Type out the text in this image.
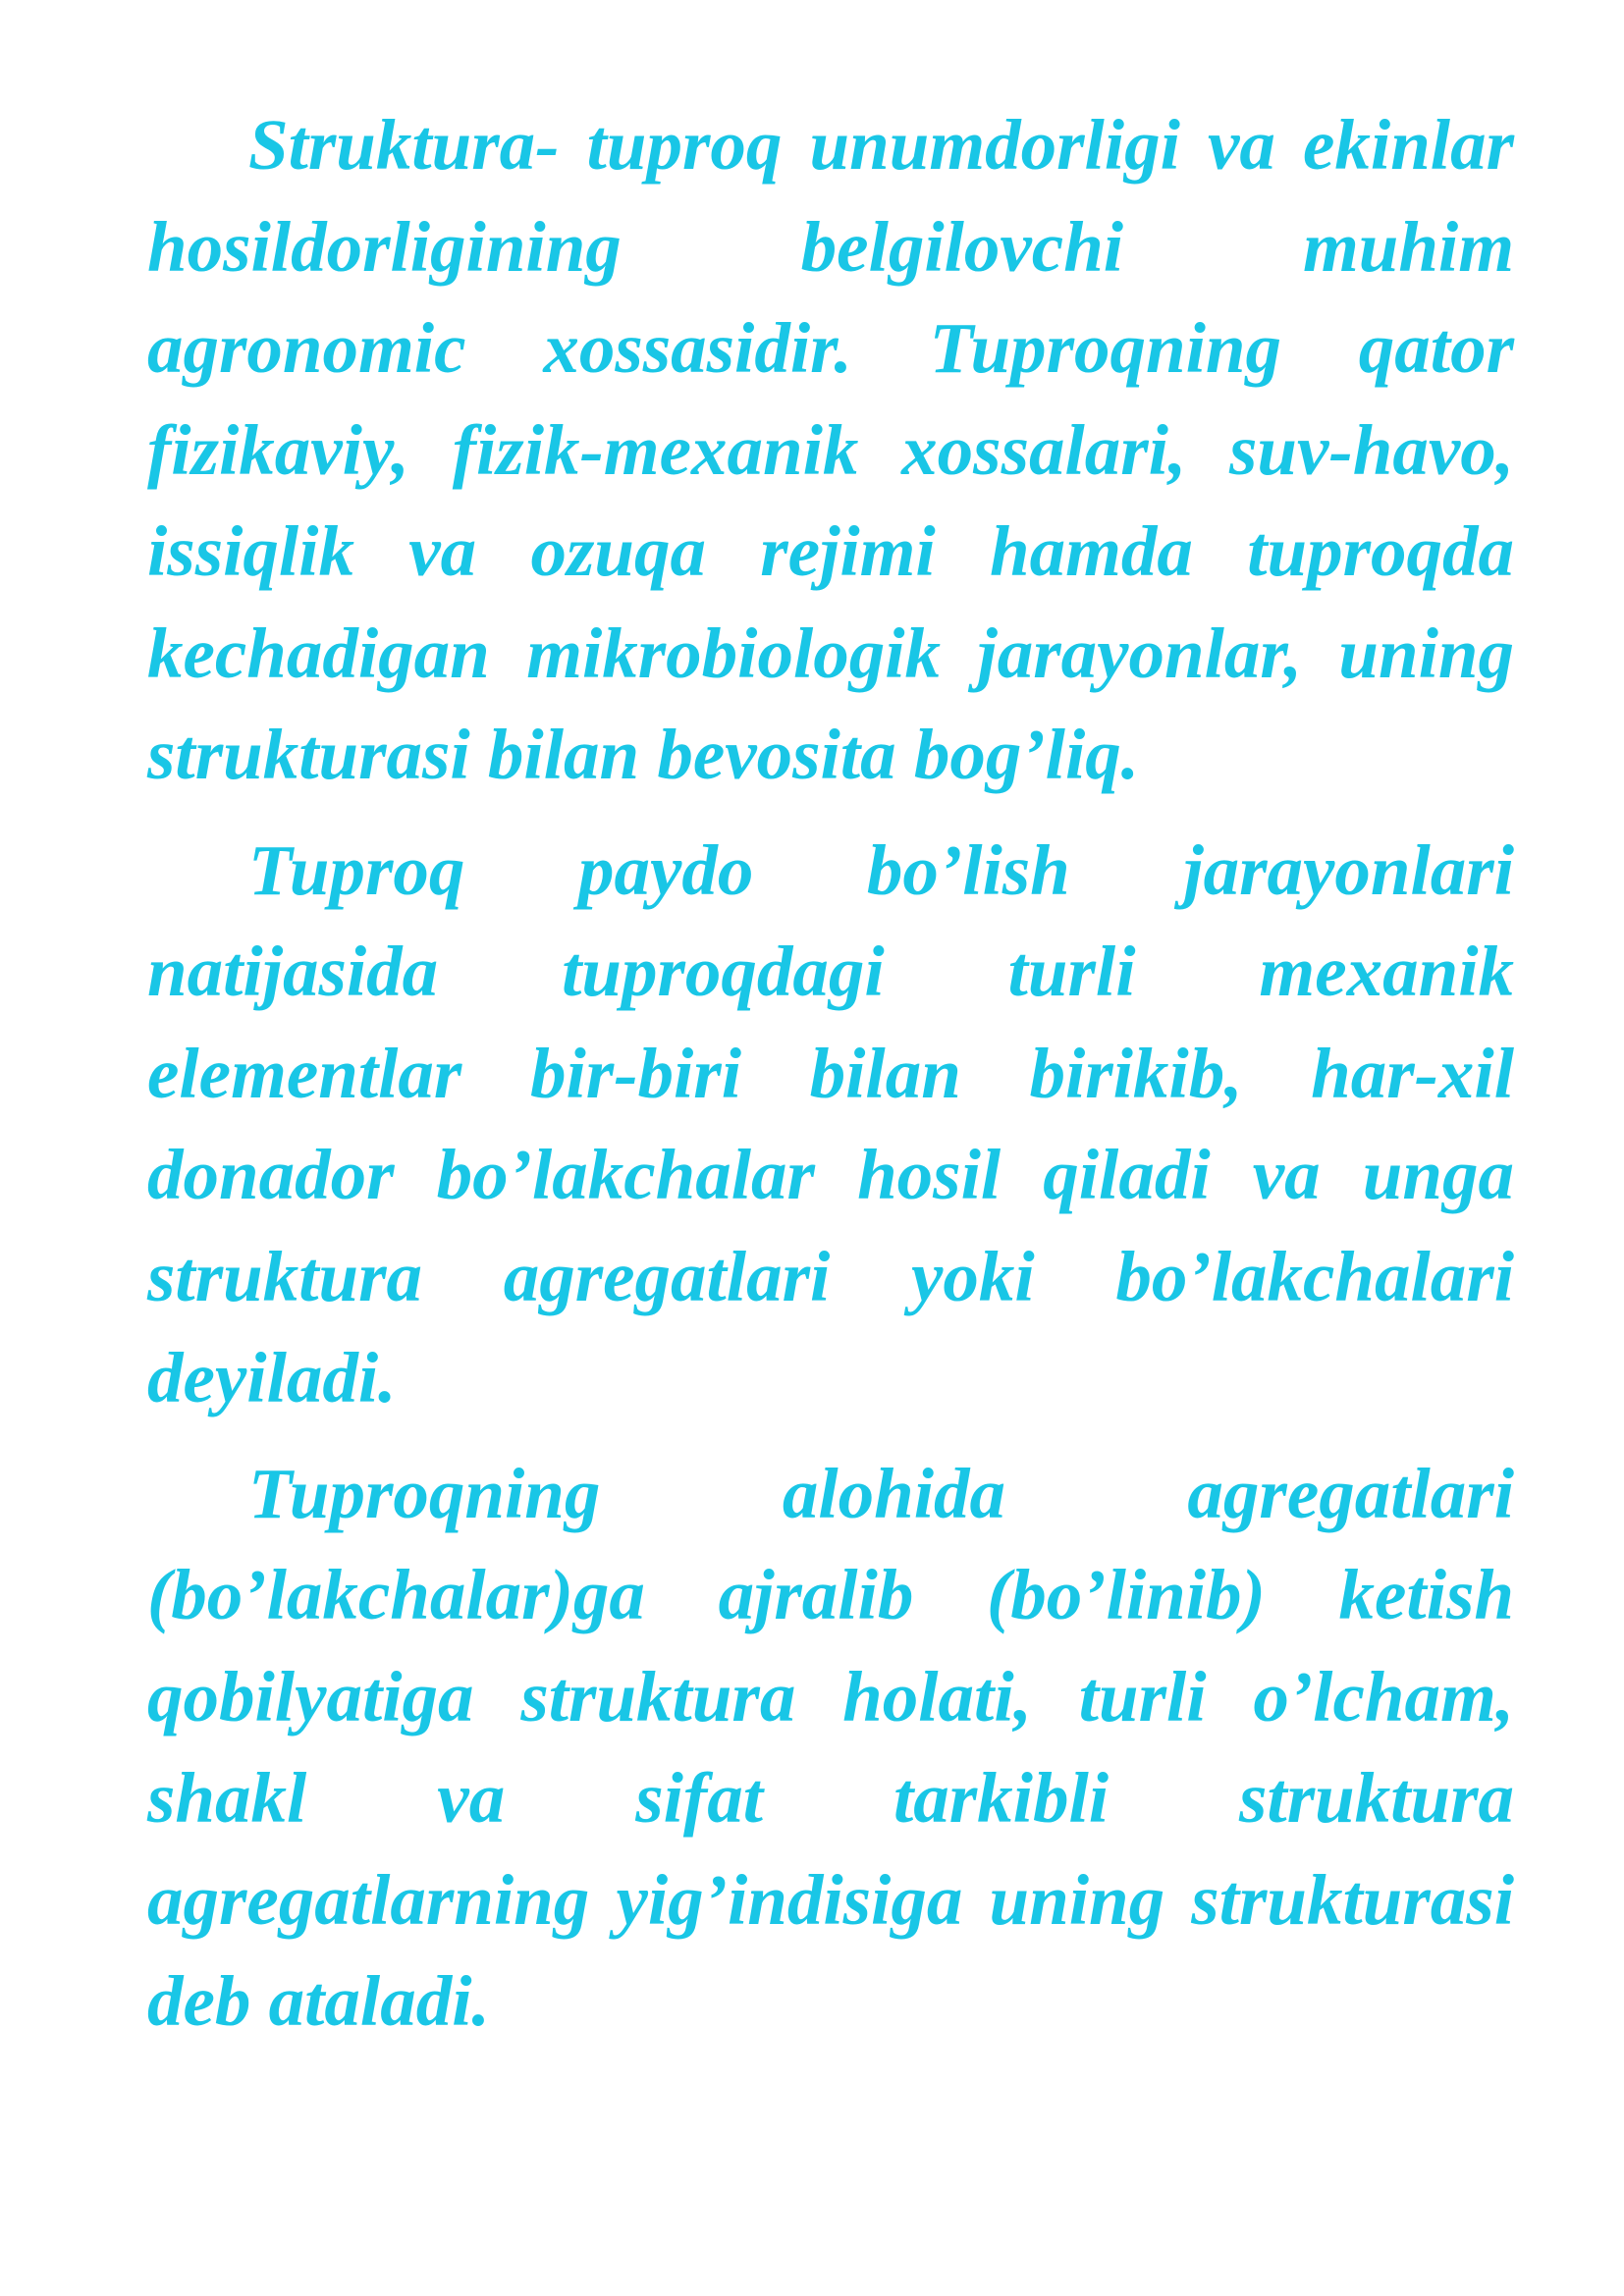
Struktura- tuproq unumdorligi va ekinlar hosildorligining belgilovchi muhim agronomic xossasidir. Tuproqning qator fizikaviy, fizik-mexanik xossalari, suv-havo, issiqlik va ozuqa rejimi hamda tuproqda kechadigan mikrobiologik jarayonlar, uning strukturasi bilan bevosita bog’liq.

Tuproq paydo bo’lish jarayonlari natijasida tuproqdagi turli mexanik elementlar bir-biri bilan birikib, har-xil donador bo’lakchalar hosil qiladi va unga struktura agregatlari yoki bo’lakchalari deyiladi.

Tuproqning alohida agregatlari (bo’lakchalar)ga ajralib (bo’linib) ketish qobilyatiga struktura holati, turli o’lcham, shakl va sifat tarkibli struktura agregatlarning yig’indisiga uning strukturasi deb ataladi.
